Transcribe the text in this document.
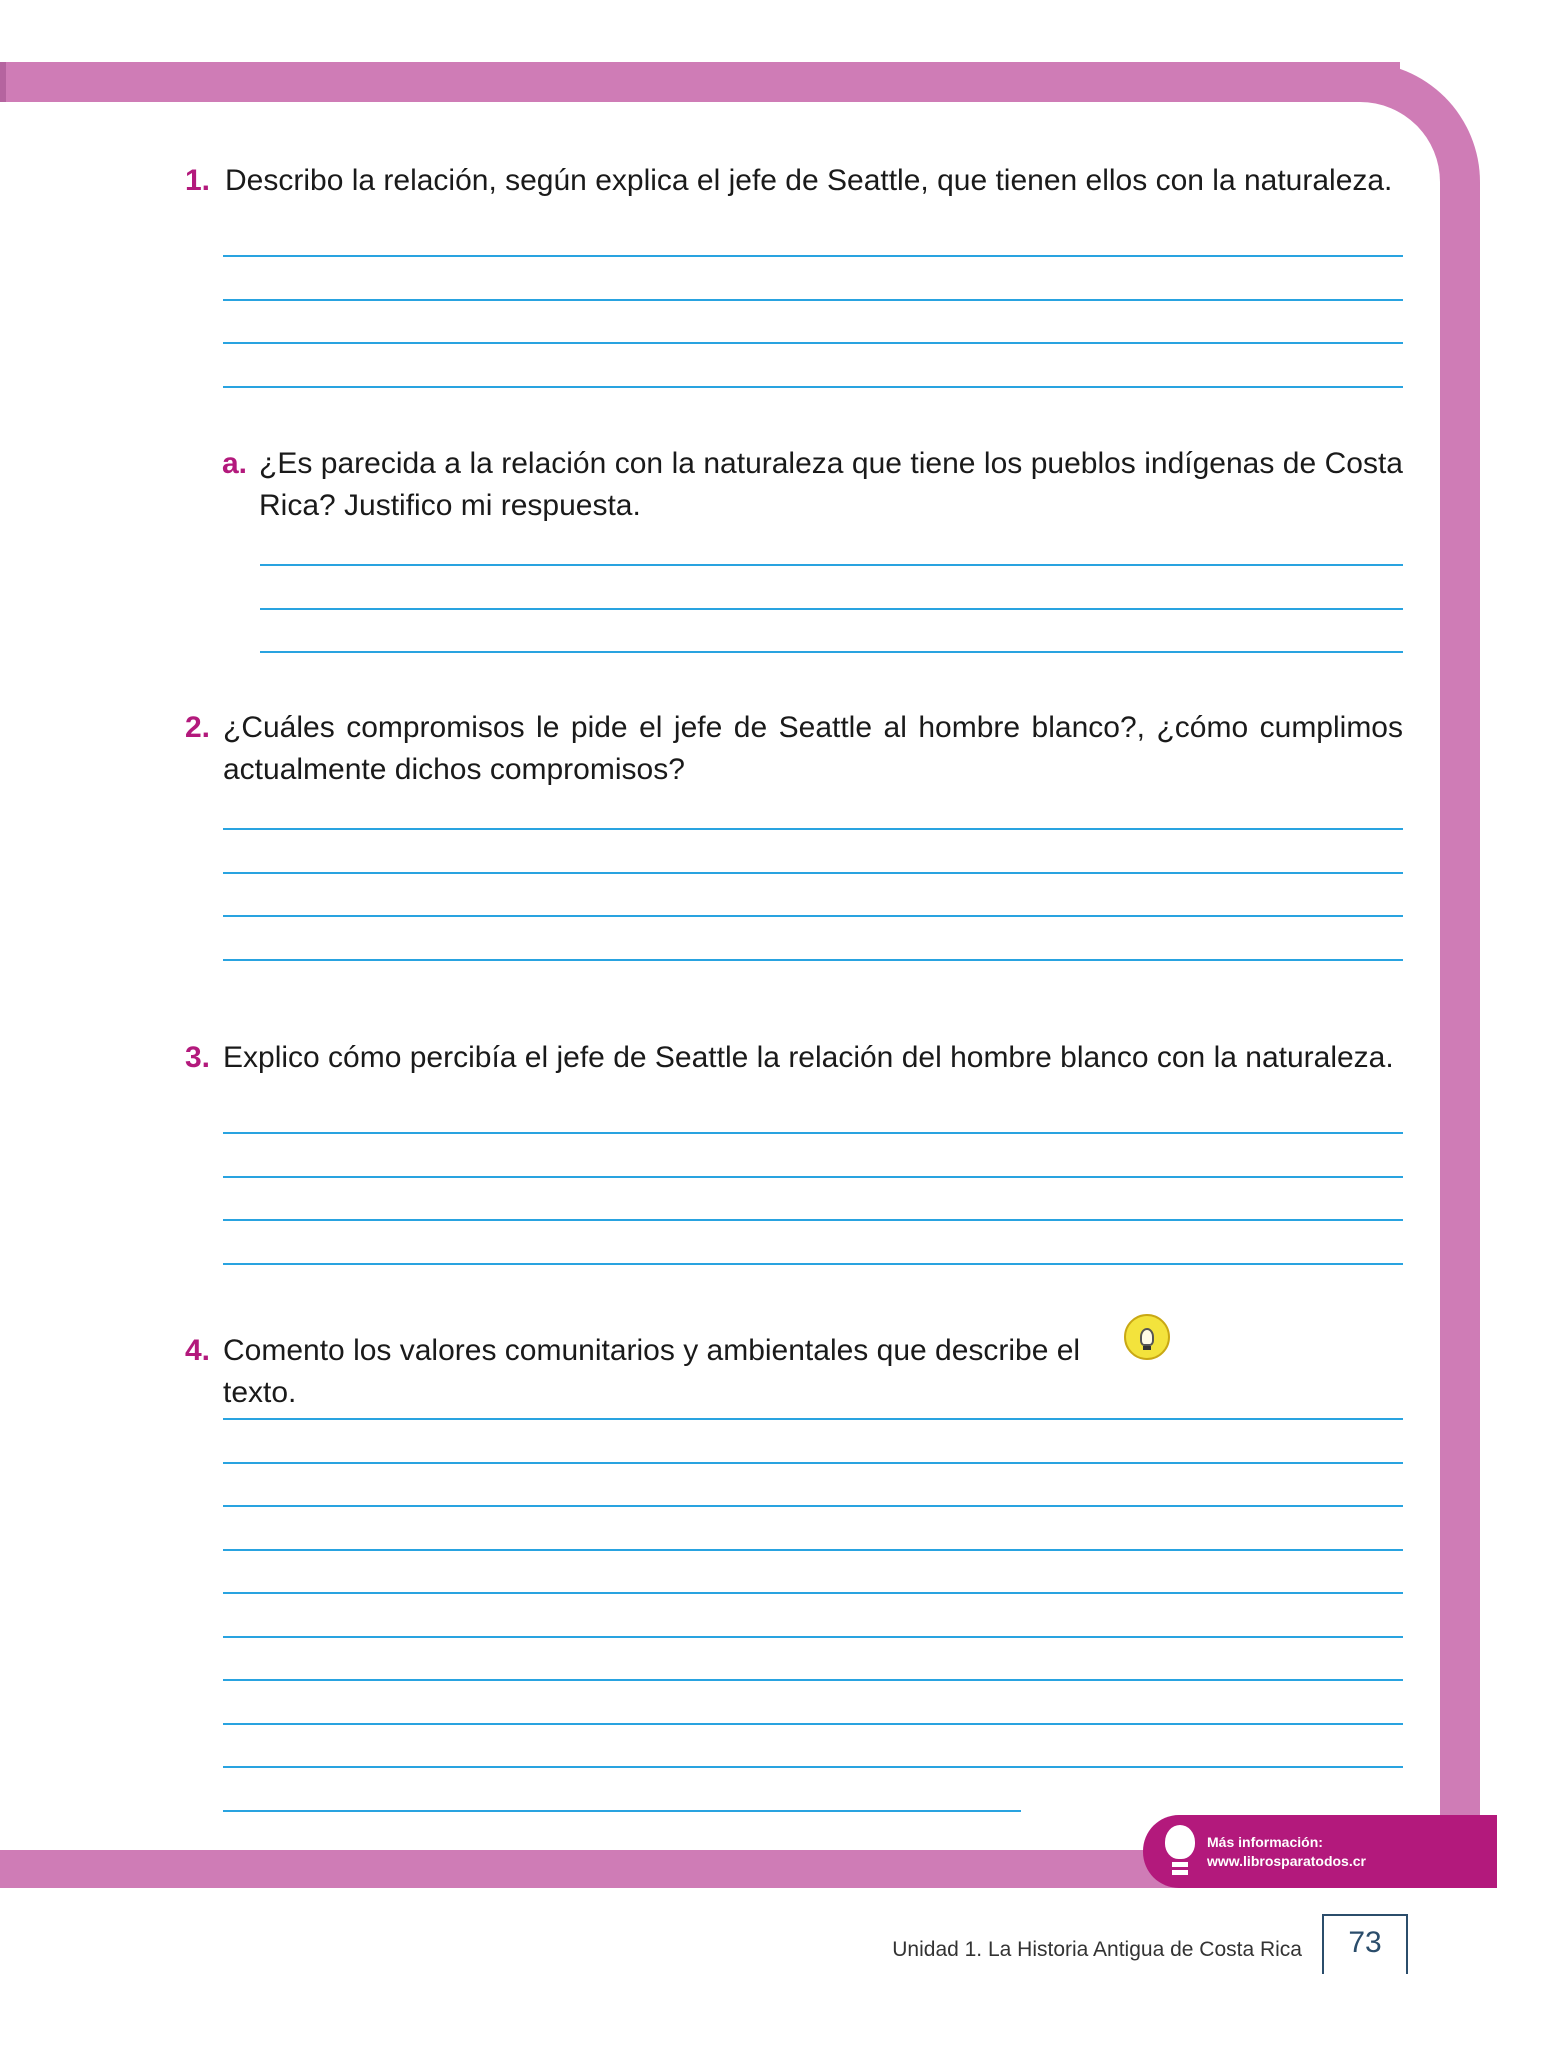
1. Describo la relación, según explica el jefe de Seattle, que tienen ellos con la naturaleza.
a. ¿Es parecida a la relación con la naturaleza que tiene los pueblos indígenas de Costa Rica? Justifico mi respuesta.
2. ¿Cuáles compromisos le pide el jefe de Seattle al hombre blanco?, ¿cómo cumplimos actualmente dichos compromisos?
3. Explico cómo percibía el jefe de Seattle la relación del hombre blanco con la naturaleza.
4. Comento los valores comunitarios y ambientales que describe el texto.
Más información:
www.librosparatodos.cr
Unidad 1. La Historia Antigua de Costa Rica	73
